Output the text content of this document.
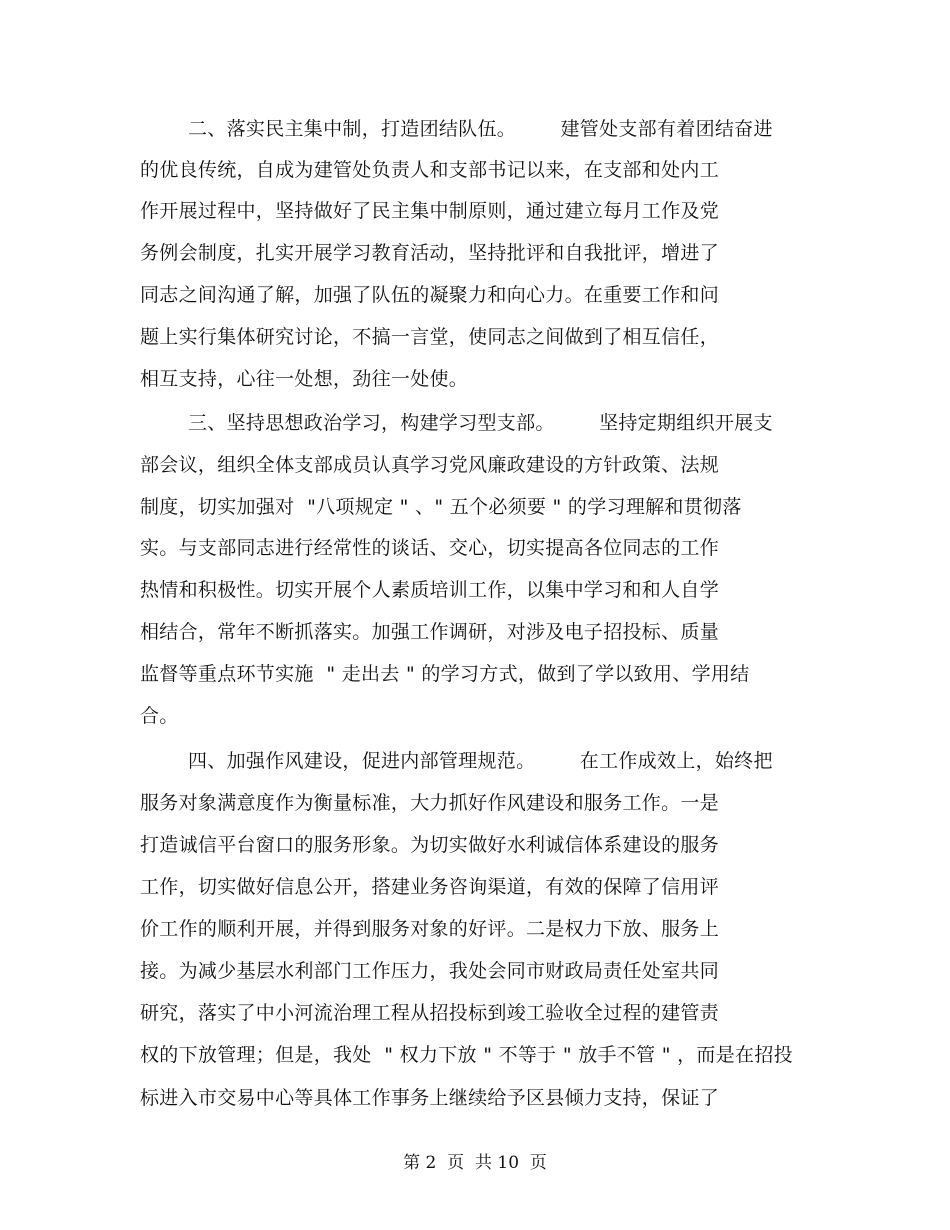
二、落实民主集中制，打造团结队伍。       建管处支部有着团结奋进
的优良传统，自成为建管处负责人和支部书记以来，在支部和处内工
作开展过程中，坚持做好了民主集中制原则，通过建立每月工作及党
务例会制度，扎实开展学习教育活动，坚持批评和自我批评，增进了
同志之间沟通了解，加强了队伍的凝聚力和向心力。在重要工作和问
题上实行集体研究讨论，不搞一言堂，使同志之间做到了相互信任，
相互支持，心往一处想，劲往一处使。
三、坚持思想政治学习，构建学习型支部。       坚持定期组织开展支
部会议，组织全体支部成员认真学习党风廉政建设的方针政策、法规
制度，切实加强对  "八项规定 " 、" 五个必须要 " 的学习理解和贯彻落
实。与支部同志进行经常性的谈话、交心，切实提高各位同志的工作
热情和积极性。切实开展个人素质培训工作，以集中学习和和人自学
相结合，常年不断抓落实。加强工作调研，对涉及电子招投标、质量
监督等重点环节实施  " 走出去 " 的学习方式，做到了学以致用、学用结
合。
四、加强作风建设，促进内部管理规范。       在工作成效上，始终把
服务对象满意度作为衡量标准，大力抓好作风建设和服务工作。一是
打造诚信平台窗口的服务形象。为切实做好水利诚信体系建设的服务
工作，切实做好信息公开，搭建业务咨询渠道，有效的保障了信用评
价工作的顺利开展，并得到服务对象的好评。二是权力下放、服务上
接。为减少基层水利部门工作压力，我处会同市财政局责任处室共同
研究，落实了中小河流治理工程从招投标到竣工验收全过程的建管责
权的下放管理；但是，我处  " 权力下放 " 不等于 " 放手不管 " ，而是在招投
标进入市交易中心等具体工作事务上继续给予区县倾力支持，保证了
第 2  页  共 10  页
